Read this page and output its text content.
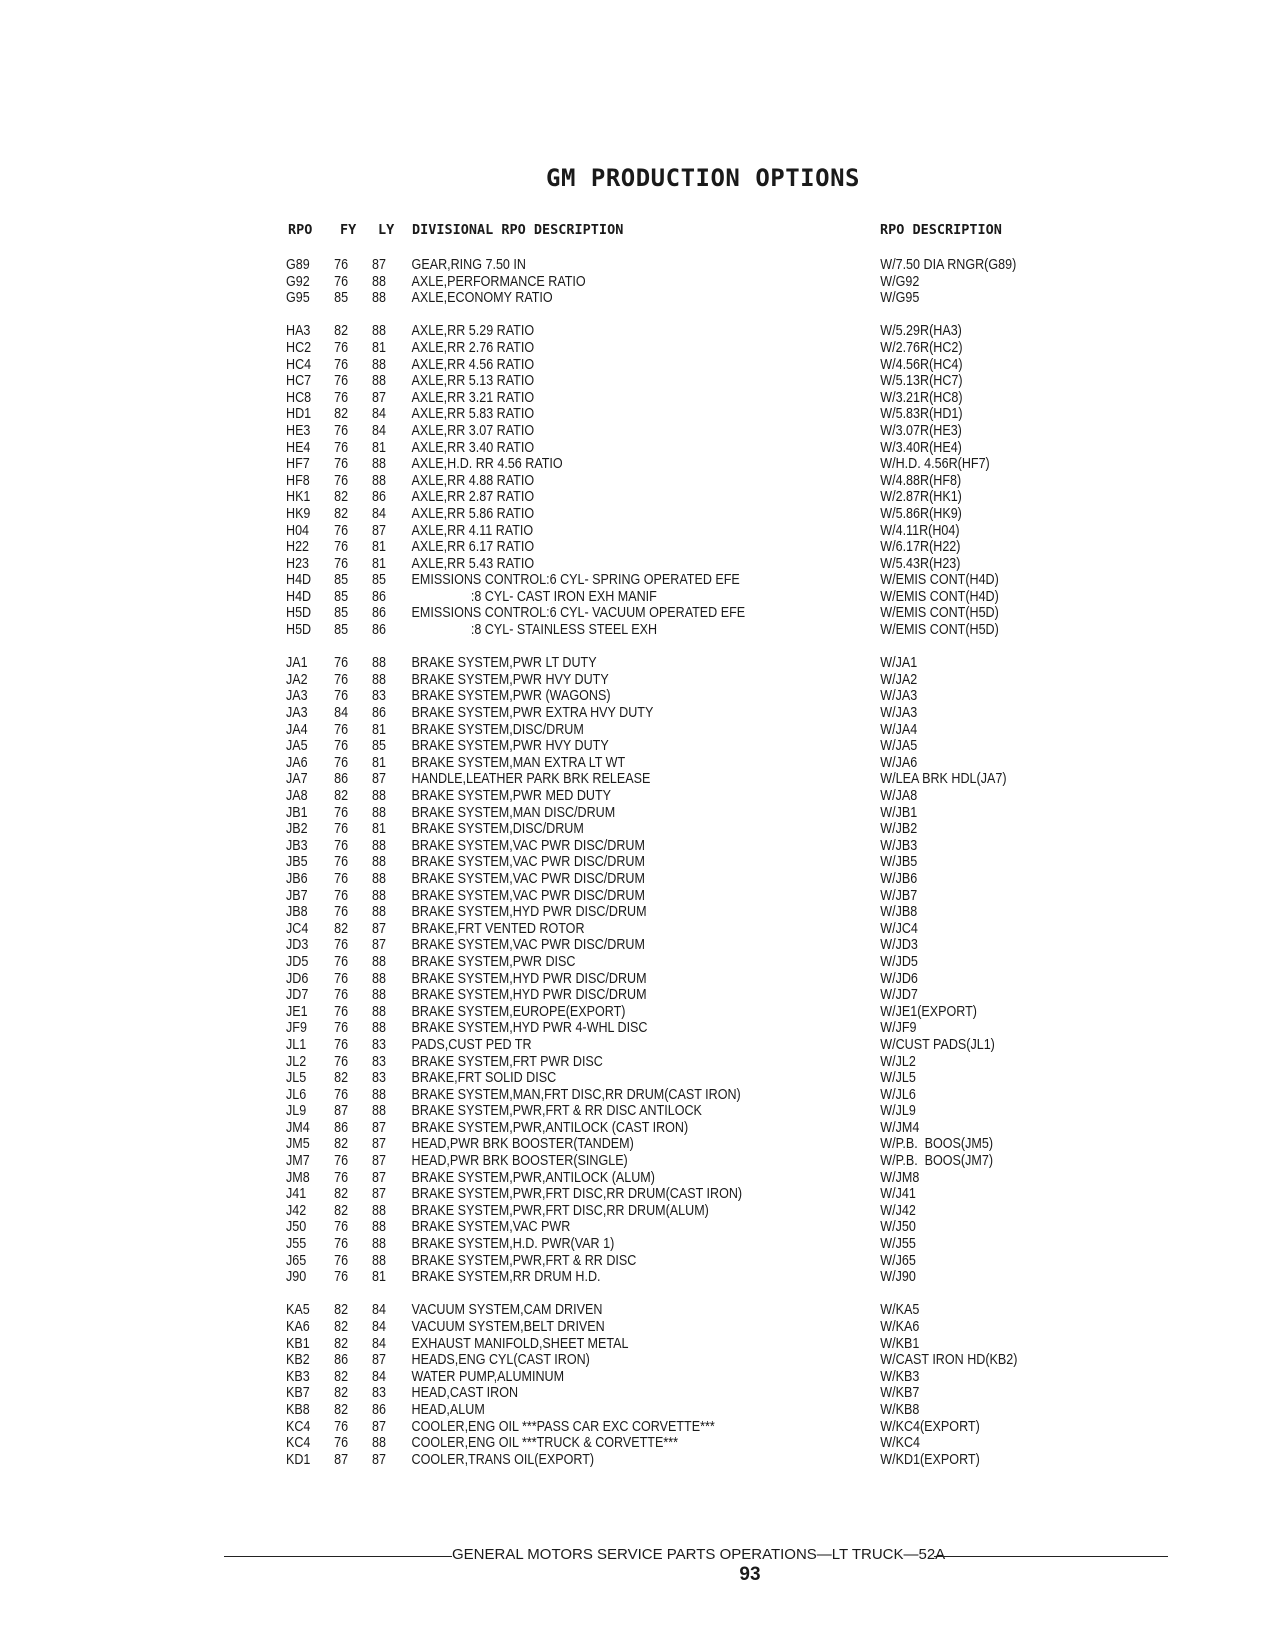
GM PRODUCTION OPTIONS
RPO FY LY DIVISIONAL RPO DESCRIPTION	RPO DESCRIPTION
G89 76 87 GEAR,RING 7.50 IN	W/7.50 DIA RNGR(G89)
G92 76 88 AXLE,PERFORMANCE RATIO	W/G92
G95 85 88 AXLE,ECONOMY RATIO	W/G95
HA3 82 88 AXLE,RR 5.29 RATIO	W/5.29R(HA3)
HC2 76 81 AXLE,RR 2.76 RATIO	W/2.76R(HC2)
HC4 76 88 AXLE,RR 4.56 RATIO	W/4.56R(HC4)
HC7 76 88 AXLE,RR 5.13 RATIO	W/5.13R(HC7)
HC8 76 87 AXLE,RR 3.21 RATIO	W/3.21R(HC8)
HD1 82 84 AXLE,RR 5.83 RATIO	W/5.83R(HD1)
HE3 76 84 AXLE,RR 3.07 RATIO	W/3.07R(HE3)
HE4 76 81 AXLE,RR 3.40 RATIO	W/3.40R(HE4)
HF7 76 88 AXLE,H.D. RR 4.56 RATIO	W/H.D. 4.56R(HF7)
HF8 76 88 AXLE,RR 4.88 RATIO	W/4.88R(HF8)
HK1 82 86 AXLE,RR 2.87 RATIO	W/2.87R(HK1)
HK9 82 84 AXLE,RR 5.86 RATIO	W/5.86R(HK9)
H04 76 87 AXLE,RR 4.11 RATIO	W/4.11R(H04)
H22 76 81 AXLE,RR 6.17 RATIO	W/6.17R(H22)
H23 76 81 AXLE,RR 5.43 RATIO	W/5.43R(H23)
H4D 85 85 EMISSIONS CONTROL:6 CYL- SPRING OPERATED EFE	W/EMIS CONT(H4D)
H4D 85 86 :8 CYL- CAST IRON EXH MANIF	W/EMIS CONT(H4D)
H5D 85 86 EMISSIONS CONTROL:6 CYL- VACUUM OPERATED EFE	W/EMIS CONT(H5D)
H5D 85 86 :8 CYL- STAINLESS STEEL EXH	W/EMIS CONT(H5D)
JA1 76 88 BRAKE SYSTEM,PWR LT DUTY	W/JA1
JA2 76 88 BRAKE SYSTEM,PWR HVY DUTY	W/JA2
JA3 76 83 BRAKE SYSTEM,PWR (WAGONS)	W/JA3
JA3 84 86 BRAKE SYSTEM,PWR EXTRA HVY DUTY	W/JA3
JA4 76 81 BRAKE SYSTEM,DISC/DRUM	W/JA4
JA5 76 85 BRAKE SYSTEM,PWR HVY DUTY	W/JA5
JA6 76 81 BRAKE SYSTEM,MAN EXTRA LT WT	W/JA6
JA7 86 87 HANDLE,LEATHER PARK BRK RELEASE	W/LEA BRK HDL(JA7)
JA8 82 88 BRAKE SYSTEM,PWR MED DUTY	W/JA8
JB1 76 88 BRAKE SYSTEM,MAN DISC/DRUM	W/JB1
JB2 76 81 BRAKE SYSTEM,DISC/DRUM	W/JB2
JB3 76 88 BRAKE SYSTEM,VAC PWR DISC/DRUM	W/JB3
JB5 76 88 BRAKE SYSTEM,VAC PWR DISC/DRUM	W/JB5
JB6 76 88 BRAKE SYSTEM,VAC PWR DISC/DRUM	W/JB6
JB7 76 88 BRAKE SYSTEM,VAC PWR DISC/DRUM	W/JB7
JB8 76 88 BRAKE SYSTEM,HYD PWR DISC/DRUM	W/JB8
JC4 82 87 BRAKE,FRT VENTED ROTOR	W/JC4
JD3 76 87 BRAKE SYSTEM,VAC PWR DISC/DRUM	W/JD3
JD5 76 88 BRAKE SYSTEM,PWR DISC	W/JD5
JD6 76 88 BRAKE SYSTEM,HYD PWR DISC/DRUM	W/JD6
JD7 76 88 BRAKE SYSTEM,HYD PWR DISC/DRUM	W/JD7
JE1 76 88 BRAKE SYSTEM,EUROPE(EXPORT)	W/JE1(EXPORT)
JF9 76 88 BRAKE SYSTEM,HYD PWR 4-WHL DISC	W/JF9
JL1 76 83 PADS,CUST PED TR	W/CUST PADS(JL1)
JL2 76 83 BRAKE SYSTEM,FRT PWR DISC	W/JL2
JL5 82 83 BRAKE,FRT SOLID DISC	W/JL5
JL6 76 88 BRAKE SYSTEM,MAN,FRT DISC,RR DRUM(CAST IRON)	W/JL6
JL9 87 88 BRAKE SYSTEM,PWR,FRT & RR DISC ANTILOCK	W/JL9
JM4 86 87 BRAKE SYSTEM,PWR,ANTILOCK (CAST IRON)	W/JM4
JM5 82 87 HEAD,PWR BRK BOOSTER(TANDEM)	W/P.B.  BOOS(JM5)
JM7 76 87 HEAD,PWR BRK BOOSTER(SINGLE)	W/P.B.  BOOS(JM7)
JM8 76 87 BRAKE SYSTEM,PWR,ANTILOCK (ALUM)	W/JM8
J41 82 87 BRAKE SYSTEM,PWR,FRT DISC,RR DRUM(CAST IRON)	W/J41
J42 82 88 BRAKE SYSTEM,PWR,FRT DISC,RR DRUM(ALUM)	W/J42
J50 76 88 BRAKE SYSTEM,VAC PWR	W/J50
J55 76 88 BRAKE SYSTEM,H.D. PWR(VAR 1)	W/J55
J65 76 88 BRAKE SYSTEM,PWR,FRT & RR DISC	W/J65
J90 76 81 BRAKE SYSTEM,RR DRUM H.D.	W/J90
KA5 82 84 VACUUM SYSTEM,CAM DRIVEN	W/KA5
KA6 82 84 VACUUM SYSTEM,BELT DRIVEN	W/KA6
KB1 82 84 EXHAUST MANIFOLD,SHEET METAL	W/KB1
KB2 86 87 HEADS,ENG CYL(CAST IRON)	W/CAST IRON HD(KB2)
KB3 82 84 WATER PUMP,ALUMINUM	W/KB3
KB7 82 83 HEAD,CAST IRON	W/KB7
KB8 82 86 HEAD,ALUM	W/KB8
KC4 76 87 COOLER,ENG OIL ***PASS CAR EXC CORVETTE***	W/KC4(EXPORT)
KC4 76 88 COOLER,ENG OIL ***TRUCK & CORVETTE***	W/KC4
KD1 87 87 COOLER,TRANS OIL(EXPORT)	W/KD1(EXPORT)
GENERAL MOTORS SERVICE PARTS OPERATIONS—LT TRUCK—52A
93
